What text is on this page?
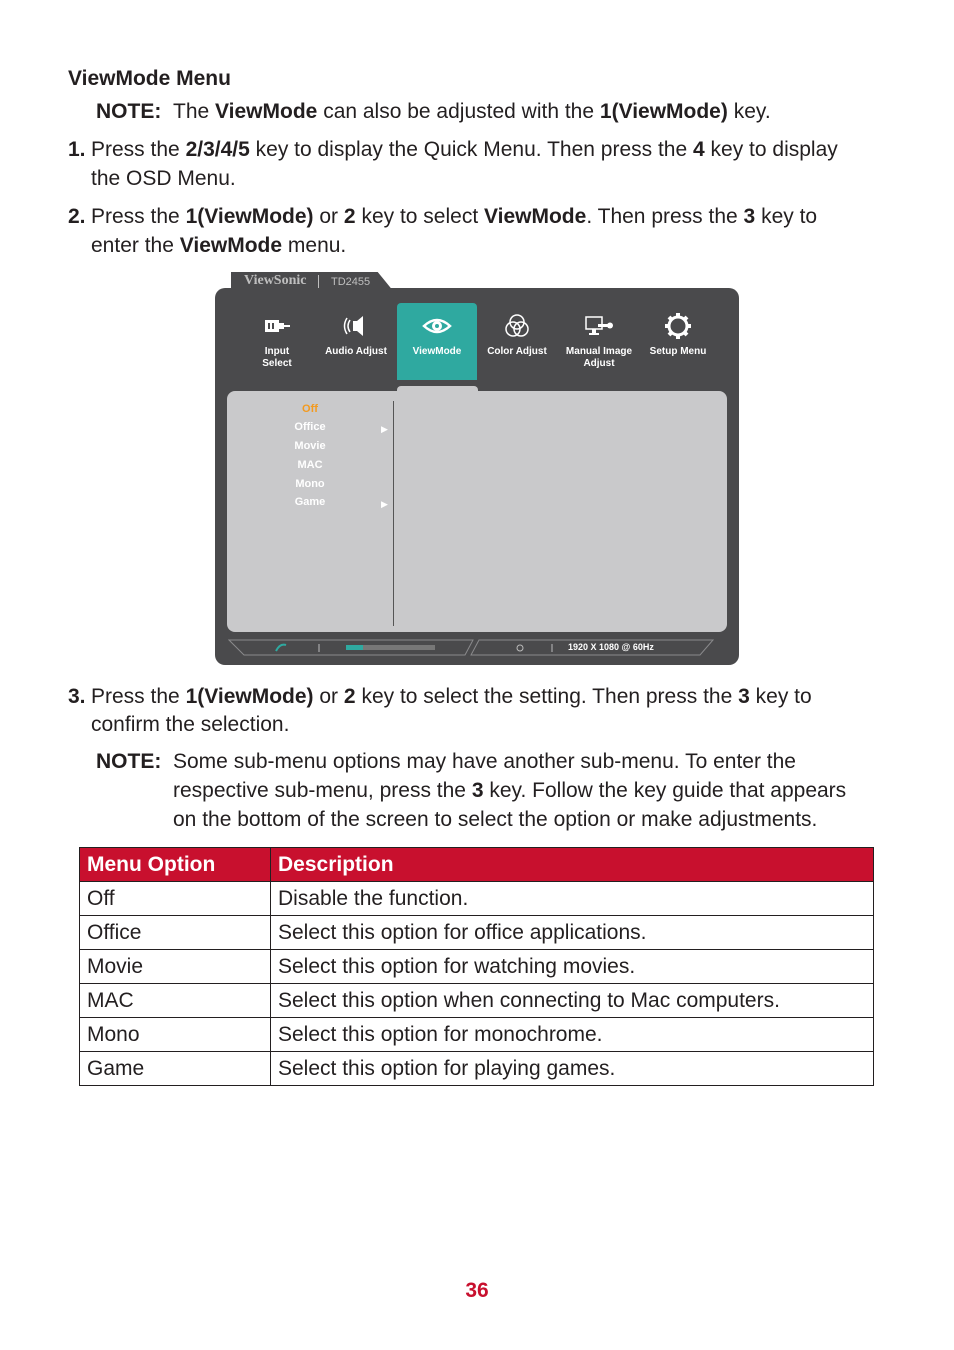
ViewMode Menu
NOTE: The ViewMode can also be adjusted with the 1(ViewMode) key.
1. Press the 2/3/4/5 key to display the Quick Menu. Then press the 4 key to display
the OSD Menu.
2. Press the 1(ViewMode) or 2 key to select ViewMode. Then press the 3 key to
enter the ViewMode menu.
ViewSonic TD2455
Input
Select
Audio Adjust	ViewMode	Color Adjust	Manual Image
Adjust
Setup Menu
Off
Office	▶
Movie
MAC
Mono
Game	▶
1920 X 1080 @ 60Hz
3. Press the 1(ViewMode) or 2 key to select the setting. Then press the 3 key to
confirm the selection.
NOTE: Some sub-menu options may have another sub-menu. To enter the
respective sub-menu, press the 3 key. Follow the key guide that appears
on the bottom of the screen to select the option or make adjustments.
Menu Option	Description
Off	Disable the function.
Office	Select this option for office applications.
Movie	Select this option for watching movies.
MAC	Select this option when connecting to Mac computers.
Mono	Select this option for monochrome.
Game	Select this option for playing games.
36
